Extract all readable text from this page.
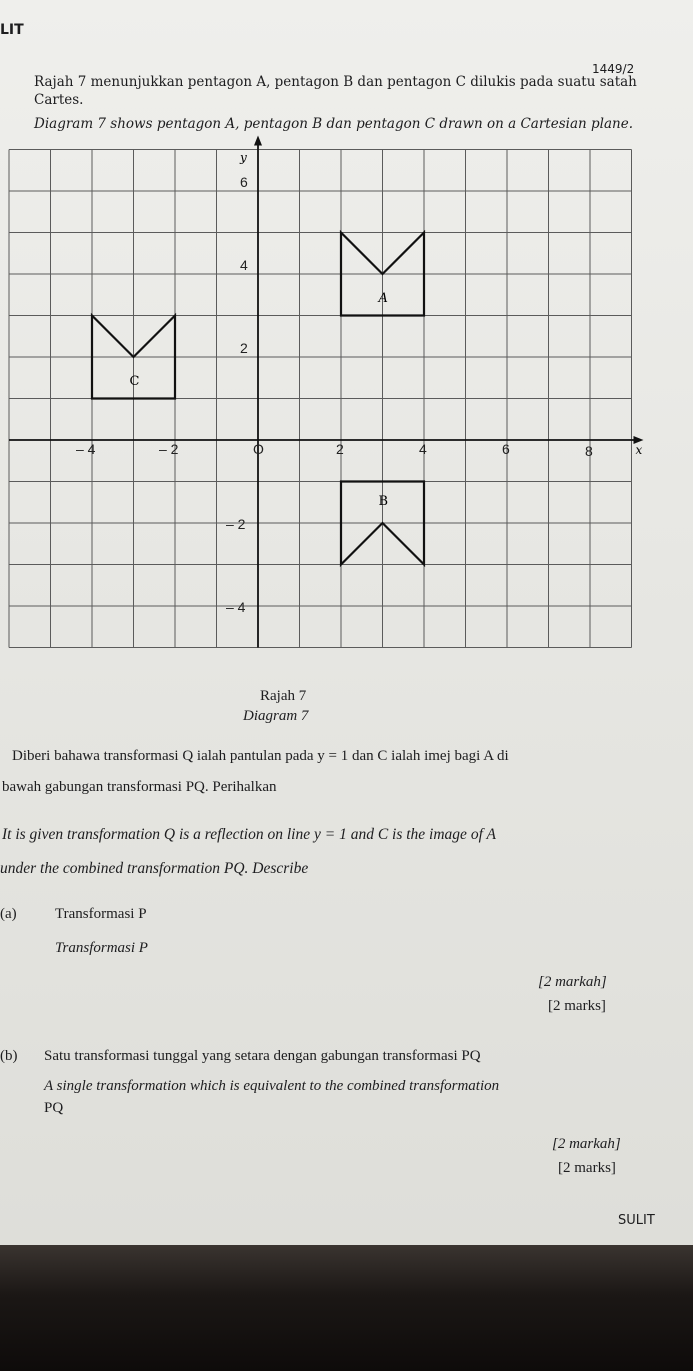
LIT
1449/2
Rajah 7 menunjukkan pentagon A, pentagon B dan pentagon C dilukis pada suatu satah
Cartes.
Diagram 7 shows pentagon A, pentagon B dan pentagon C drawn on a Cartesian plane.
x
y
– 4	– 2	O	2	4	6	8
6
4
2
– 2
– 4
A
B
C
Rajah 7
Diagram 7
Diberi bahawa transformasi Q ialah pantulan pada y = 1 dan C ialah imej bagi A di
bawah gabungan transformasi PQ. Perihalkan
It is given transformation Q is a reflection on line y = 1 and C is the image of A
under the combined transformation PQ. Describe
(a)	Transformasi P
Transformasi P
[2 markah]
[2 marks]
(b) Satu transformasi tunggal yang setara dengan gabungan transformasi PQ
A single transformation which is equivalent to the combined transformation
PQ
[2 markah]
[2 marks]
SULIT
